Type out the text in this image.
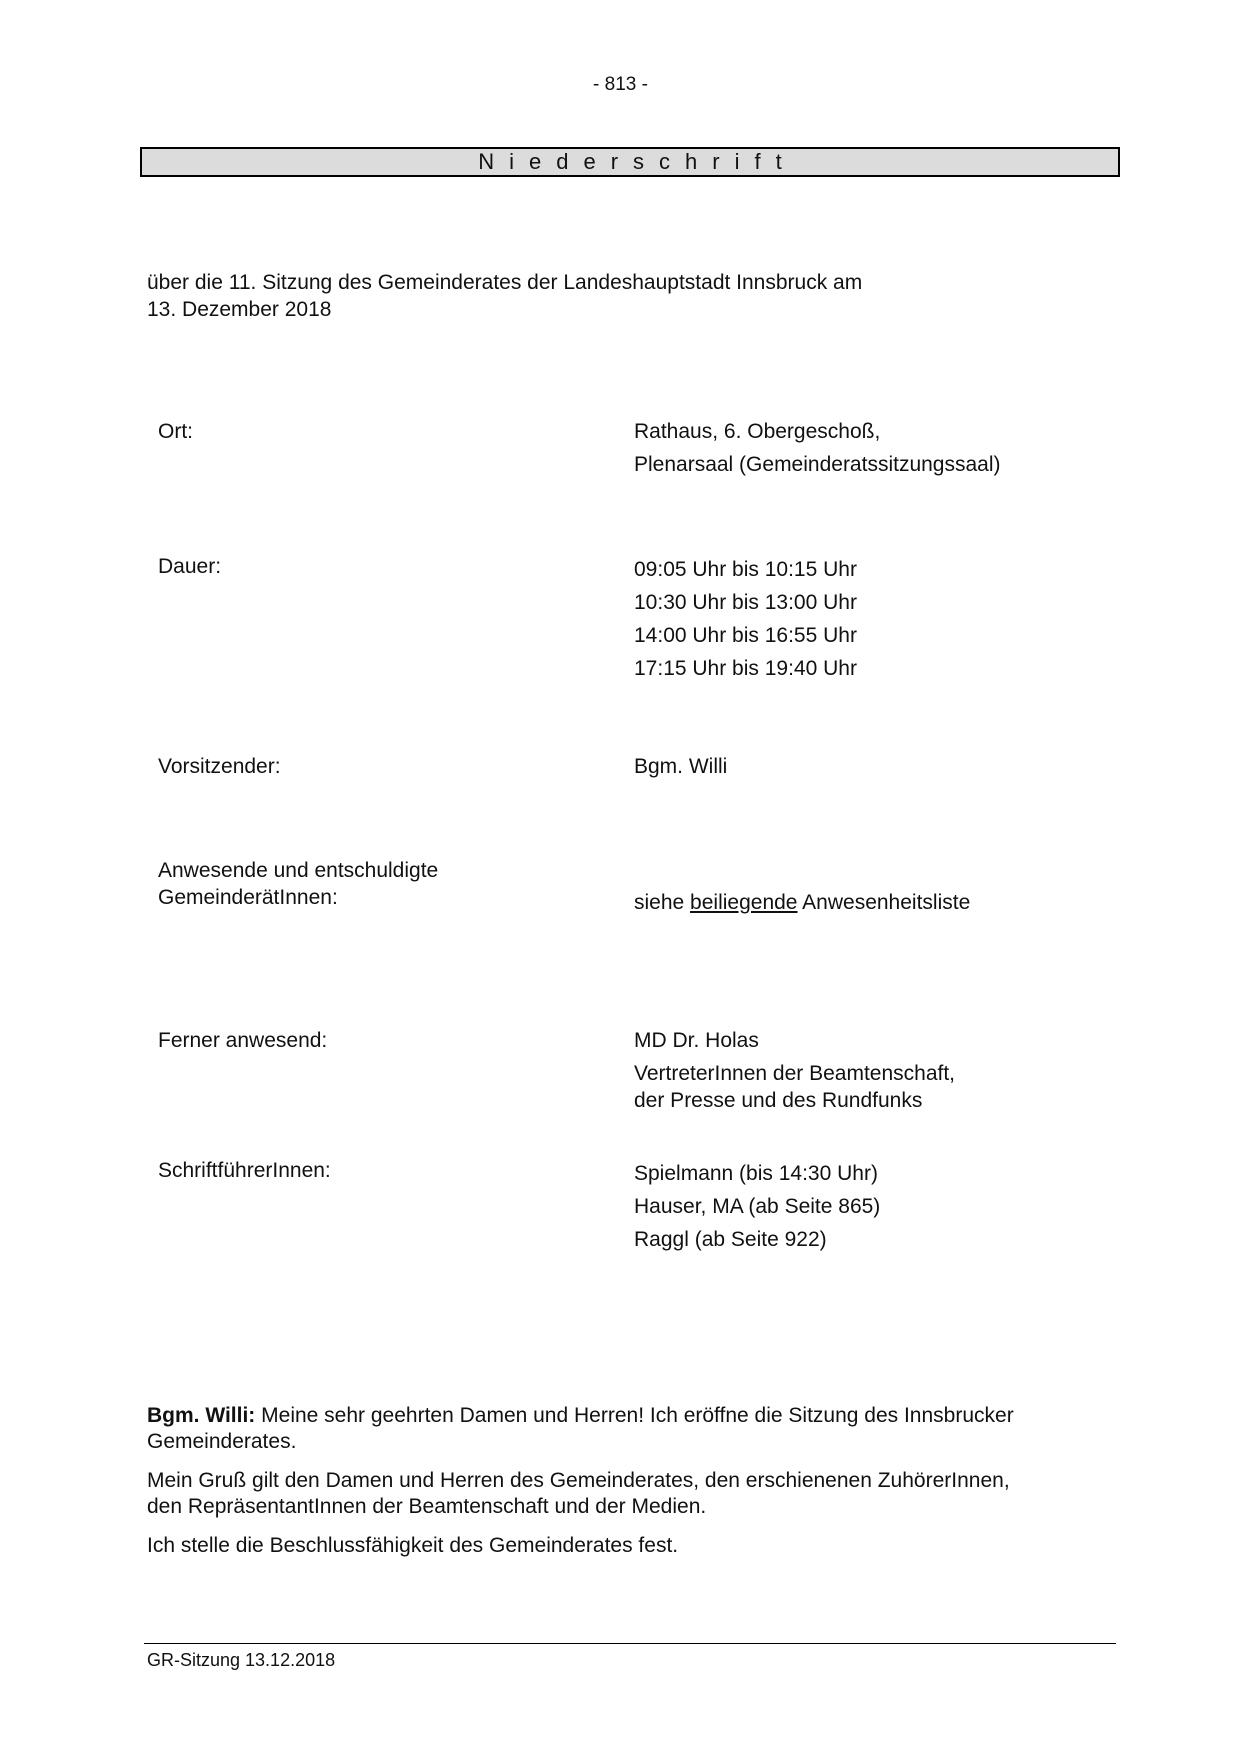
- 813 -
Niederschrift
über die 11. Sitzung des Gemeinderates der Landeshauptstadt Innsbruck am
13. Dezember 2018
Ort:	Rathaus, 6. Obergeschoß,
Plenarsaal (Gemeinderatssitzungssaal)
Dauer:	09:05 Uhr bis 10:15 Uhr
10:30 Uhr bis 13:00 Uhr
14:00 Uhr bis 16:55 Uhr
17:15 Uhr bis 19:40 Uhr
Vorsitzender:	Bgm. Willi
Anwesende und entschuldigte
GemeinderätInnen:	siehe beiliegende Anwesenheitsliste
Ferner anwesend:	MD Dr. Holas
VertreterInnen der Beamtenschaft,
der Presse und des Rundfunks
SchriftführerInnen:	Spielmann (bis 14:30 Uhr)
Hauser, MA (ab Seite 865)
Raggl (ab Seite 922)
Bgm. Willi: Meine sehr geehrten Damen und Herren! Ich eröffne die Sitzung des Innsbrucker
Gemeinderates.
Mein Gruß gilt den Damen und Herren des Gemeinderates, den erschienenen ZuhörerInnen,
den RepräsentantInnen der Beamtenschaft und der Medien.
Ich stelle die Beschlussfähigkeit des Gemeinderates fest.
GR-Sitzung 13.12.2018
